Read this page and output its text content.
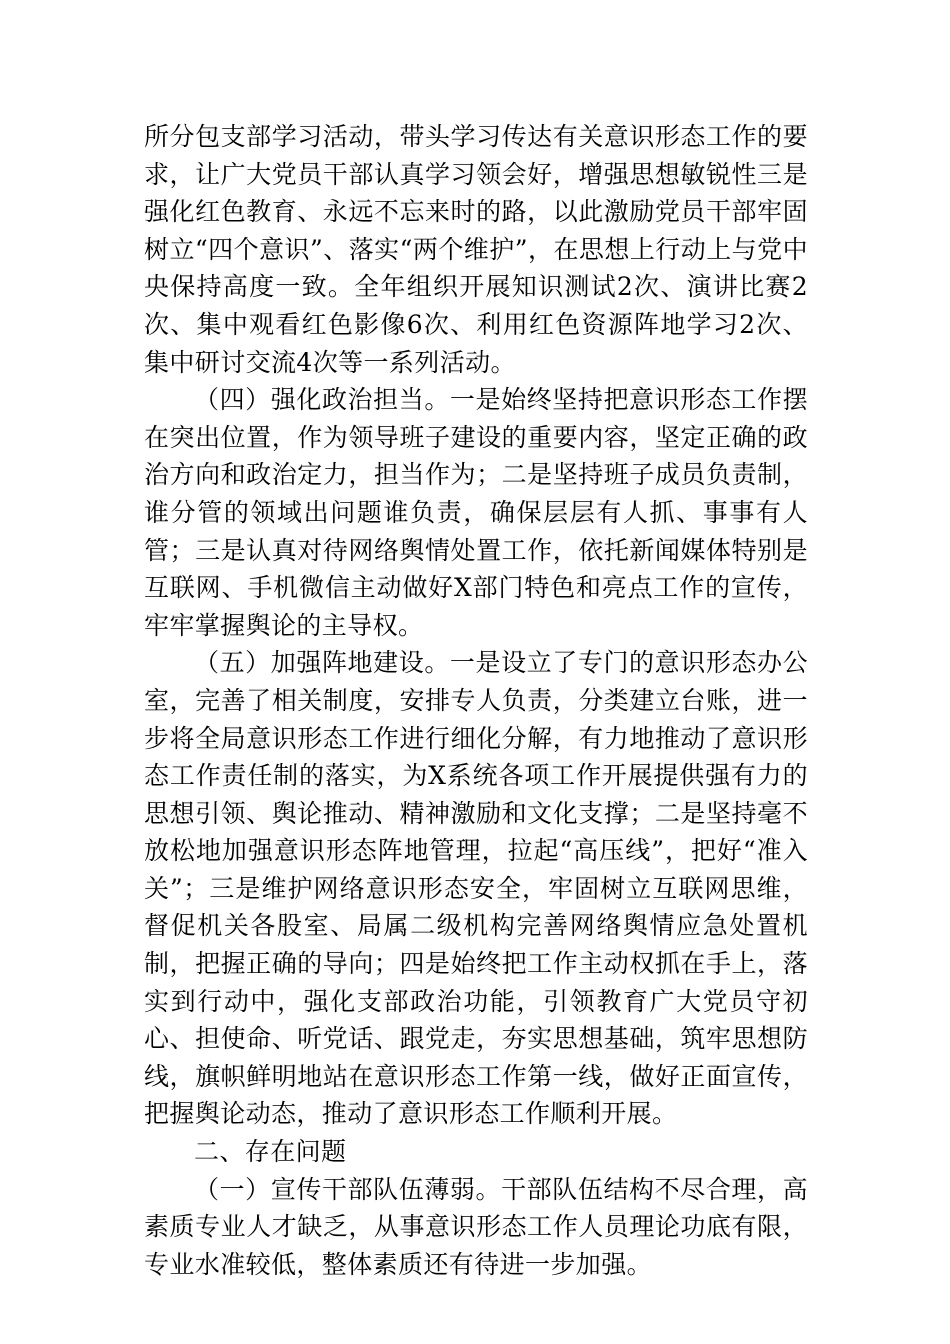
所分包支部学习活动，带头学习传达有关意识形态工作的要求，让广大党员干部认真学习领会好，增强思想敏锐性三是强化红色教育、永远不忘来时的路，以此激励党员干部牢固树立“四个意识”、落实“两个维护”，在思想上行动上与党中央保持高度一致。全年组织开展知识测试2次、演讲比赛2次、集中观看红色影像6次、利用红色资源阵地学习2次、集中研讨交流4次等一系列活动。

（四）强化政治担当。一是始终坚持把意识形态工作摆在突出位置，作为领导班子建设的重要内容，坚定正确的政治方向和政治定力，担当作为；二是坚持班子成员负责制，谁分管的领域出问题谁负责，确保层层有人抓、事事有人管；三是认真对待网络舆情处置工作，依托新闻媒体特别是互联网、手机微信主动做好X部门特色和亮点工作的宣传，牢牢掌握舆论的主导权。

（五）加强阵地建设。一是设立了专门的意识形态办公室，完善了相关制度，安排专人负责，分类建立台账，进一步将全局意识形态工作进行细化分解，有力地推动了意识形态工作责任制的落实，为X系统各项工作开展提供强有力的思想引领、舆论推动、精神激励和文化支撑；二是坚持毫不放松地加强意识形态阵地管理，拉起“高压线”，把好“准入关”；三是维护网络意识形态安全，牢固树立互联网思维，督促机关各股室、局属二级机构完善网络舆情应急处置机制，把握正确的导向；四是始终把工作主动权抓在手上，落实到行动中，强化支部政治功能，引领教育广大党员守初心、担使命、听党话、跟党走，夯实思想基础，筑牢思想防线，旗帜鲜明地站在意识形态工作第一线，做好正面宣传，把握舆论动态，推动了意识形态工作顺利开展。

二、存在问题

（一）宣传干部队伍薄弱。干部队伍结构不尽合理，高素质专业人才缺乏，从事意识形态工作人员理论功底有限，专业水准较低，整体素质还有待进一步加强。
